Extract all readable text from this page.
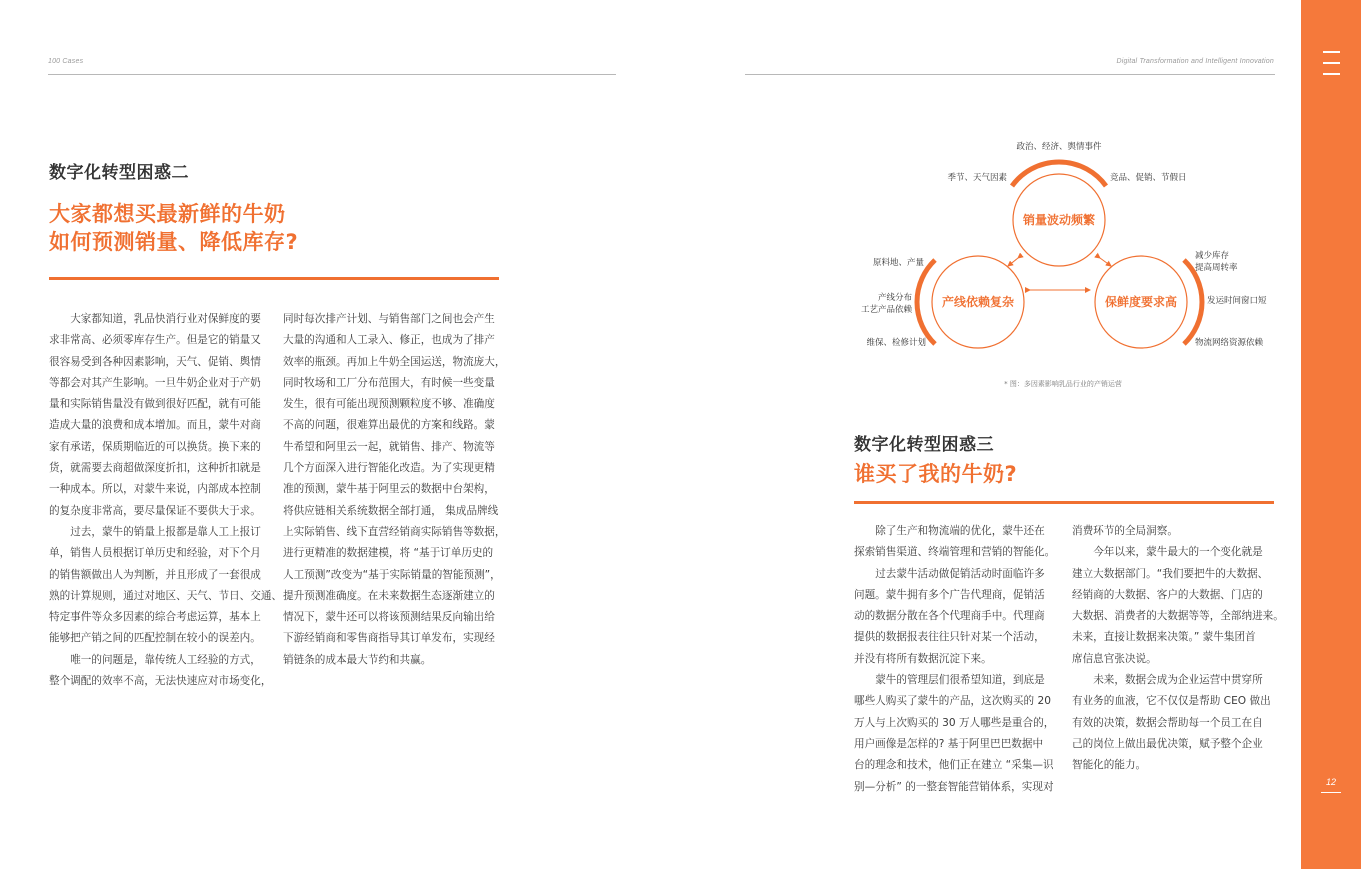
100 Cases	Digital Transformation and Intelligent Innovation
数字化转型困惑二
大家都想买最新鲜的牛奶
如何预测销量、降低库存?
大家都知道，乳品快消行业对保鲜度的要
求非常高、必须零库存生产。但是它的销量又
很容易受到各种因素影响，天气、促销、舆情
等都会对其产生影响。一旦牛奶企业对于产奶
量和实际销售量没有做到很好匹配，就有可能
造成大量的浪费和成本增加。而且，蒙牛对商
家有承诺，保质期临近的可以换货。换下来的
货，就需要去商超做深度折扣，这种折扣就是
一种成本。所以，对蒙牛来说，内部成本控制
的复杂度非常高，要尽量保证不要供大于求。
过去，蒙牛的销量上报都是靠人工上报订
单，销售人员根据订单历史和经验，对下个月
的销售额做出人为判断，并且形成了一套很成
熟的计算规则，通过对地区、天气、节日、交通、
特定事件等众多因素的综合考虑运算，基本上
能够把产销之间的匹配控制在较小的误差内。
唯一的问题是，靠传统人工经验的方式，
整个调配的效率不高，无法快速应对市场变化，
同时每次排产计划、与销售部门之间也会产生
大量的沟通和人工录入、修正，也成为了排产
效率的瓶颈。再加上牛奶全国运送，物流庞大，
同时牧场和工厂分布范围大，有时候一些变量
发生，很有可能出现预测颗粒度不够、准确度
不高的问题，很难算出最优的方案和线路。蒙
牛希望和阿里云一起，就销售、排产、物流等
几个方面深入进行智能化改造。为了实现更精
准的预测，蒙牛基于阿里云的数据中台架构，
将供应链相关系统数据全部打通， 集成品牌线
上实际销售、线下直营经销商实际销售等数据，
进行更精准的数据建模，将 “基于订单历史的
人工预测”改变为“基于实际销量的智能预测”，
提升预测准确度。在未来数据生态逐渐建立的
情况下，蒙牛还可以将该预测结果反向输出给
下游经销商和零售商指导其订单发布，实现经
销链条的成本最大节约和共赢。
销量波动频繁
产线依赖复杂	保鲜度要求高
政治、经济、舆情事件
季节、天气因素	竞品、促销、节假日
原料地、产量
产线分布
工艺产品依赖
维保、检修计划
减少库存
提高周转率
发运时间窗口短
物流网络资源依赖
* 图：多因素影响乳品行业的产销运营
数字化转型困惑三
谁买了我的牛奶?
除了生产和物流端的优化，蒙牛还在
探索销售渠道、终端管理和营销的智能化。
过去蒙牛活动做促销活动时面临许多
问题。蒙牛拥有多个广告代理商，促销活
动的数据分散在各个代理商手中。代理商
提供的数据报表往往只针对某一个活动，
并没有将所有数据沉淀下来。
蒙牛的管理层们很希望知道，到底是
哪些人购买了蒙牛的产品，这次购买的 20
万人与上次购买的 30 万人哪些是重合的，
用户画像是怎样的? 基于阿里巴巴数据中
台的理念和技术，他们正在建立 “采集—识
别—分析” 的一整套智能营销体系，实现对
消费环节的全局洞察。
今年以来，蒙牛最大的一个变化就是
建立大数据部门。“我们要把牛的大数据、
经销商的大数据、客户的大数据、门店的
大数据、消费者的大数据等等，全部纳进来。
未来，直接让数据来决策。” 蒙牛集团首
席信息官张决说。
未来，数据会成为企业运营中贯穿所
有业务的血液，它不仅仅是帮助 CEO 做出
有效的决策，数据会帮助每一个员工在自
己的岗位上做出最优决策，赋予整个企业
智能化的能力。
12
